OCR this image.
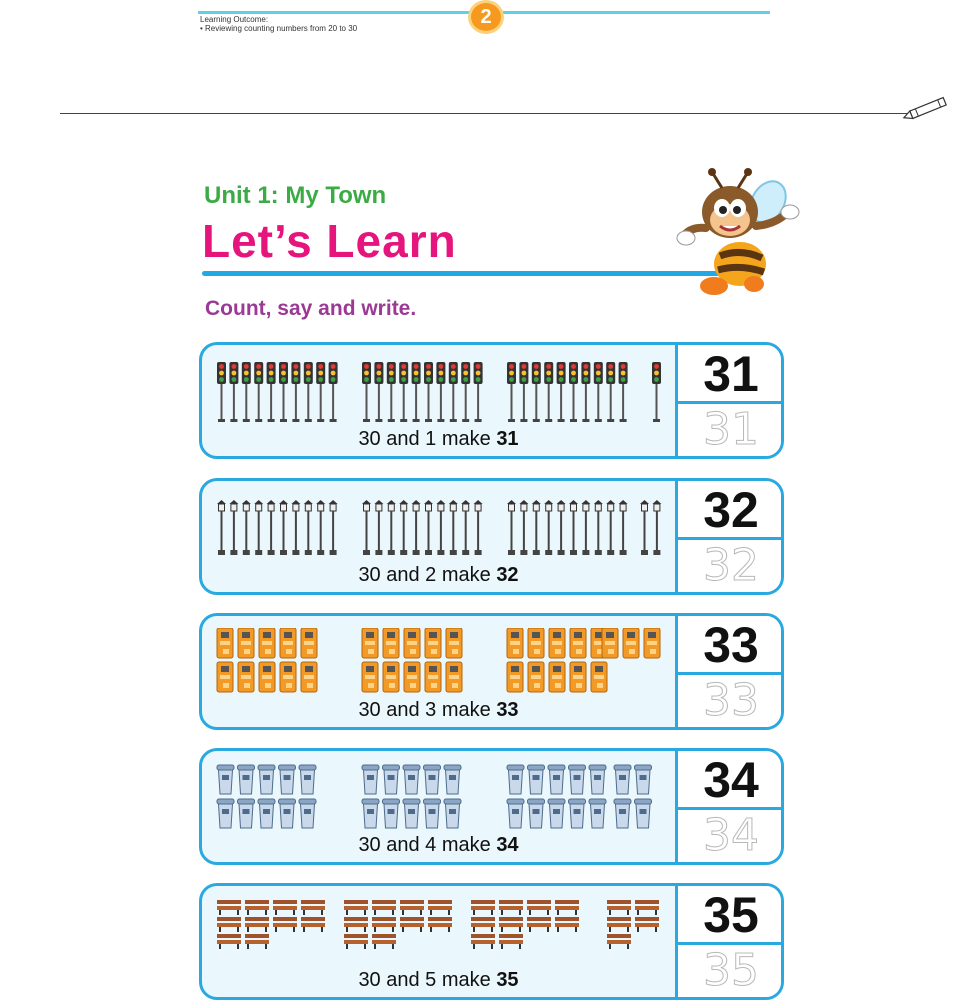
2
Learning Outcome:
• Reviewing counting numbers from 20 to 30
Unit 1: My Town
Let’s Learn
Count, say and write.
30 and 1 make 31
31
31
30 and 2 make 32
32
32
30 and 3 make 33
33
33
30 and 4 make 34
34
34
30 and 5 make 35
35
35
